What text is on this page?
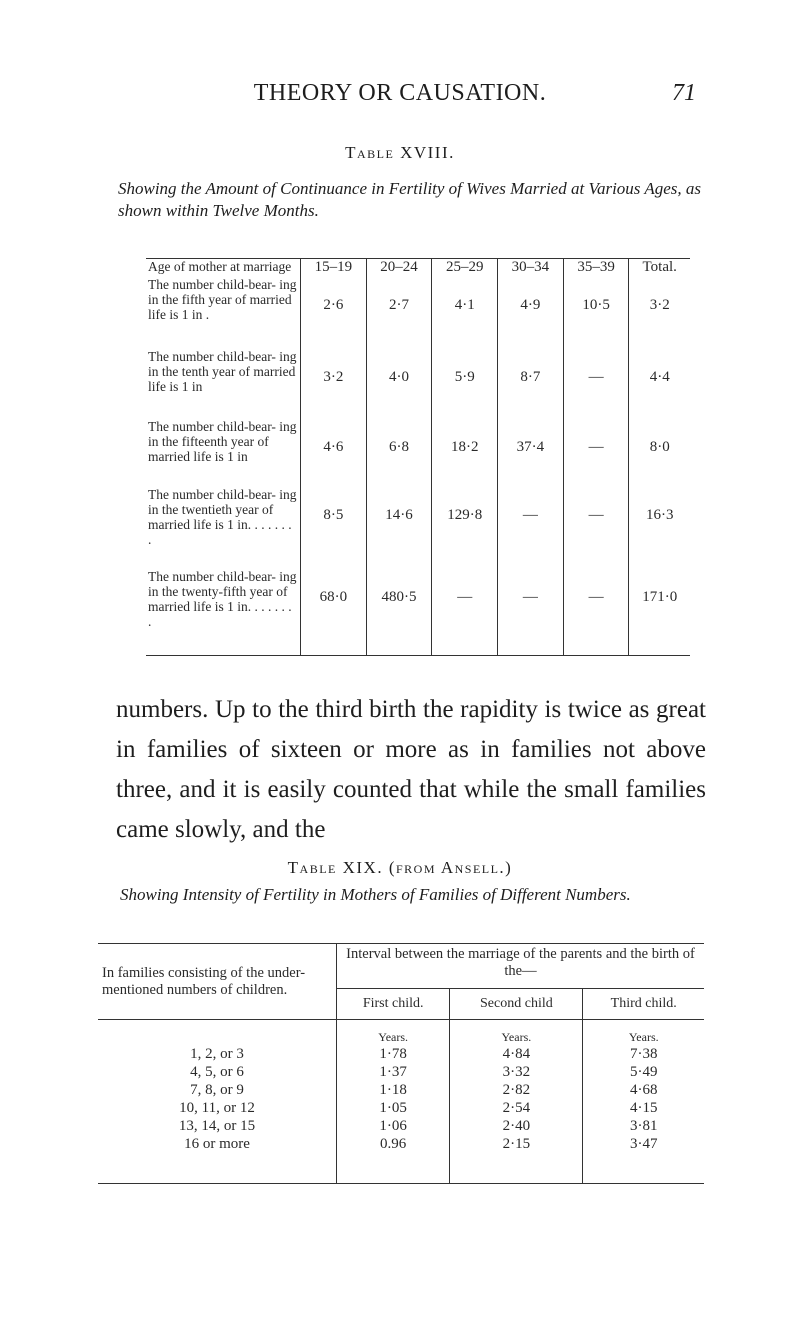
THEORY OR CAUSATION.	71
Table XVIII.
Showing the Amount of Continuance in Fertility of Wives Married at Various Ages, as shown within Twelve Months.
Age of mother at marriage	15–19	20–24	25–29	30–34	35–39	Total.
The number child-bear- ing in the fifth year of married life is 1 in .	2·6	2·7	4·1	4·9	10·5	3·2
The number child-bear- ing in the tenth year of married life is 1 in	3·2	4·0	5·9	8·7	—	4·4
The number child-bear- ing in the fifteenth year of married life is 1 in	4·6	6·8	18·2	37·4	—	8·0
The number child-bear- ing in the twentieth year of married life is 1 in. . . . . . . .	8·5	14·6	129·8	—	—	16·3
The number child-bear- ing in the twenty-fifth year of married life is 1 in. . . . . . . .	68·0	480·5	—	—	—	171·0
numbers. Up to the third birth the rapidity is twice as great in families of sixteen or more as in families not above three, and it is easily counted that while the small families came slowly, and the
Table XIX. (from Ansell.)
Showing Intensity of Fertility in Mothers of Families of Different Numbers.
In families consisting of the under-mentioned numbers of children.	Interval between the marriage of the parents and the birth of the—		
	First child.	Second child	Third child.
	Years.	Years.	Years.
1, 2, or 3	1·78	4·84	7·38
4, 5, or 6	1·37	3·32	5·49
7, 8, or 9	1·18	2·82	4·68
10, 11, or 12	1·05	2·54	4·15
13, 14, or 15	1·06	2·40	3·81
16 or more	0.96	2·15	3·47
